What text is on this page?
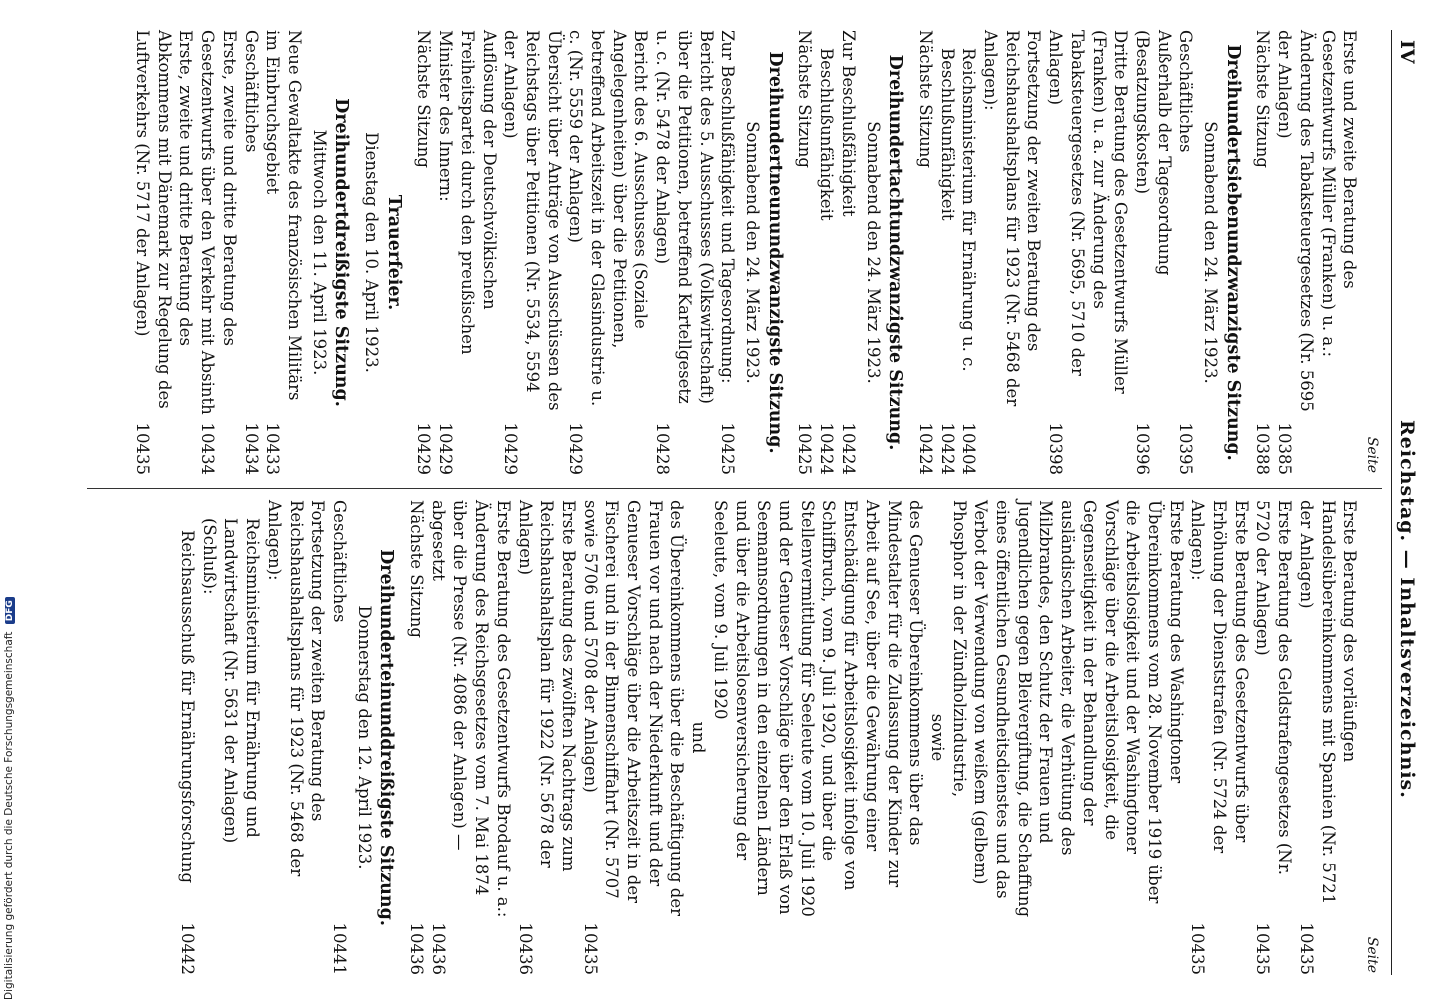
IV
Reichstag. — Inhaltsverzeichnis.
Seite
Erste und zweite Beratung des Gesetzentwurfs Müller (Franken) u. a.: Änderung des Tabaksteuergesetzes (Nr. 5695 der Anlagen)
10385
Nächste Sitzung
10388
Dreihundertsiebenundzwanzigste Sitzung.
Sonnabend den 24. März 1923.
Geschäftliches
10395
Außerhalb der Tagesordnung (Besatzungskosten)
10396
Dritte Beratung des Gesetzentwurfs Müller (Franken) u. a. zur Änderung des Tabaksteuergesetzes (Nr. 5695, 5710 der Anlagen)
10398
Fortsetzung der zweiten Beratung des Reichshaushaltsplans für 1923 (Nr. 5468 der Anlagen):
Reichsministerium für Ernährung u. c.
10404
Beschlußunfähigkeit
10424
Nächste Sitzung
10424
Dreihundertachtundzwanzigste Sitzung.
Sonnabend den 24. März 1923.
Zur Beschlußfähigkeit
10424
Beschlußunfähigkeit
10424
Nächste Sitzung
10425
Dreihundertneunundzwanzigste Sitzung.
Sonnabend den 24. März 1923.
Zur Beschlußfähigkeit und Tagesordnung:
10425
Bericht des 5. Ausschusses (Volkswirtschaft) über die Petitionen, betreffend Kartellgesetz u. c. (Nr. 5478 der Anlagen)
10428
Bericht des 6. Ausschusses (Soziale Angelegenheiten) über die Petitionen, betreffend Arbeitszeit in der Glasindustrie u. c. (Nr. 5559 der Anlagen)
10429
Übersicht über Anträge von Ausschüssen des Reichstags über Petitionen (Nr. 5534, 5594 der Anlagen)
10429
Auflösung der Deutschvölkischen Freiheitspartei durch den preußischen Minister des Innern:
10429
Nächste Sitzung
10429
Trauerfeier.
Dienstag den 10. April 1923.
Dreihundertdreißigste Sitzung.
Mittwoch den 11. April 1923.
Neue Gewaltakte des französischen Militärs im Einbruchsgebiet
10433
Geschäftliches
10434
Erste, zweite und dritte Beratung des Gesetzentwurfs über den Verkehr mit Absinth
10434
Erste, zweite und dritte Beratung des Abkommens mit Dänemark zur Regelung des Luftverkehrs (Nr. 5717 der Anlagen)
10435
Seite
Erste Beratung des vorläufigen Handelsübereinkommens mit Spanien (Nr. 5721 der Anlagen)
10435
Erste Beratung des Geldstrafengesetzes (Nr. 5720 der Anlagen)
10435
Erste Beratung des Gesetzentwurfs über Erhöhung der Dienststrafen (Nr. 5724 der Anlagen):
10435
Erste Beratung des Washingtoner Übereinkommens vom 28. November 1919 über die Arbeitslosigkeit und der Washingtoner Vorschläge über die Arbeitslosigkeit, die Gegenseitigkeit in der Behandlung der ausländischen Arbeiter, die Verhütung des Milzbrandes, den Schutz der Frauen und Jugendlichen gegen Bleivergiftung, die Schaffung eines öffentlichen Gesundheitsdienstes und das Verbot der Verwendung von weißem (gelbem) Phosphor in der Zündholzindustrie,
sowie
des Genueser Übereinkommens über das Mindestalter für die Zulassung der Kinder zur Arbeit auf See, über die Gewährung einer Entschädigung für Arbeitslosigkeit infolge von Schiffbruch, vom 9. Juli 1920, und über die Stellenvermittlung für Seeleute vom 10. Juli 1920 und der Genueser Vorschläge über den Erlaß von Seemannsordnungen in den einzelnen Ländern und über die Arbeitslosenversicherung der Seeleute, vom 9. Juli 1920
und
des Übereinkommens über die Beschäftigung der Frauen vor und nach der Niederkunft und der Genueser Vorschläge über die Arbeitszeit in der Fischerei und in der Binnenschiffahrt (Nr. 5707 sowie 5706 und 5708 der Anlagen)
10435
Erste Beratung des zwölften Nachtrags zum Reichshaushaltsplan für 1922 (Nr. 5678 der Anlagen)
10436
Erste Beratung des Gesetzentwurfs Brodauf u. a.: Änderung des Reichsgesetzes vom 7. Mai 1874 über die Presse (Nr. 4086 der Anlagen) — abgesetzt
10436
Nächste Sitzung
10436
Dreihunderteinunddreißigste Sitzung.
Donnerstag den 12. April 1923.
Geschäftliches
10441
Fortsetzung der zweiten Beratung des Reichshaushaltsplans für 1923 (Nr. 5468 der Anlagen):
Reichsministerium für Ernährung und Landwirtschaft (Nr. 5631 der Anlagen) (Schluß):
Reichsausschuß für Ernährungsforschung
10442
Digitalisierung gefördert durch die Deutsche Forschungsgemeinschaft DFG
